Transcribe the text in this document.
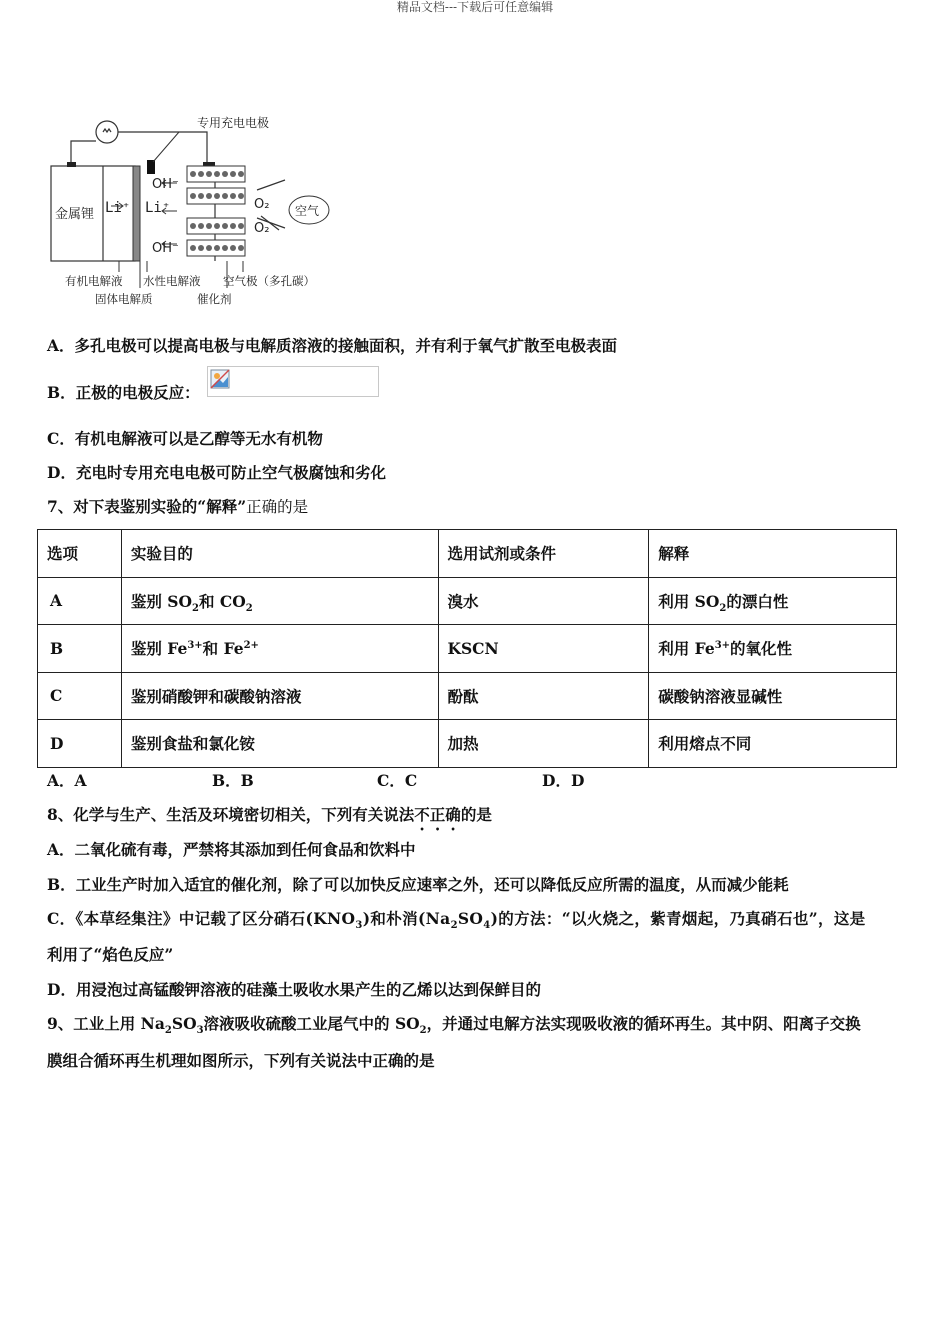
精品文档---下载后可任意编辑
专用充电电极
金属锂 Li⁺ Li⁺
OH⁻
OH⁻
O₂
O₂
空气
有机电解液 水性电解液 空气极（多孔碳）
固体电解质	催化剂
A．多孔电极可以提高电极与电解质溶液的接触面积，并有利于氧气扩散至电极表面
B．正极的电极反应：
C．有机电解液可以是乙醇等无水有机物
D．充电时专用充电电极可防止空气极腐蚀和劣化
7、对下表鉴别实验的“解释”正确的是
选项	实验目的	选用试剂或条件	解释
A	鉴别 $SO_2$和 $CO_2$	溴水	利用 $SO_2$的漂白性
B	鉴别 $Fe^{3+}$和 $Fe^{2+}$	KSCN	利用 $Fe^{3+}$的氧化性
C	鉴别硝酸钾和碳酸钠溶液	酚酞	碳酸钠溶液显碱性
D	鉴别食盐和氯化铵	加热	利用熔点不同
A．A	B．B	C．C	D．D
8、化学与生产、生活及环境密切相关，下列有关说法不正确的是
A．二氧化硫有毒，严禁将其添加到任何食品和饮料中
B．工业生产时加入适宜的催化剂，除了可以加快反应速率之外，还可以降低反应所需的温度，从而减少能耗
C．《本草经集注》中记载了区分硝石$(KNO_3)$和朴消$(Na_2SO_4)$的方法：“以火烧之，紫青烟起，乃真硝石也”，这是
利用了“焰色反应”
D．用浸泡过高锰酸钾溶液的硅藻土吸收水果产生的乙烯以达到保鲜目的
9、工业上用 $Na_2SO_3$溶液吸收硫酸工业尾气中的 $SO_2$，并通过电解方法实现吸收液的循环再生。其中阴、阳离子交换
膜组合循环再生机理如图所示，下列有关说法中正确的是
